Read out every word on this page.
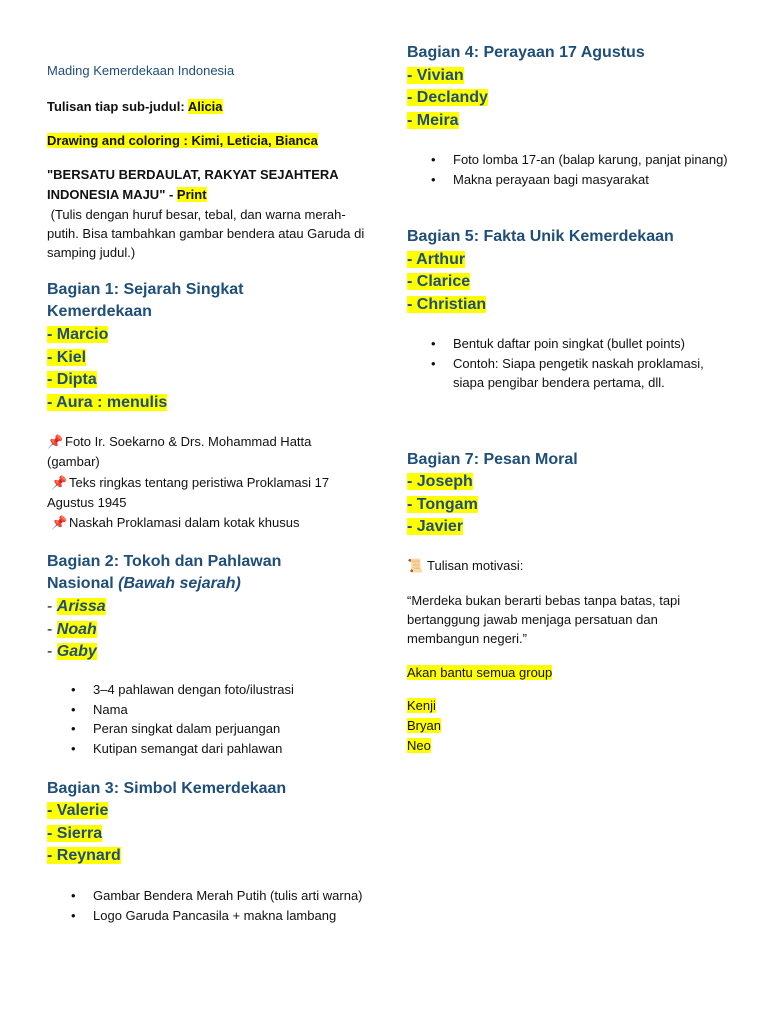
Mading Kemerdekaan Indonesia
Tulisan tiap sub-judul: Alicia
Drawing and coloring : Kimi, Leticia, Bianca
"BERSATU BERDAULAT, RAKYAT SEJAHTERA
INDONESIA MAJU" - Print
(Tulis dengan huruf besar, tebal, dan warna merah-putih. Bisa tambahkan gambar bendera atau Garuda di samping judul.)
Bagian 1: Sejarah Singkat
Kemerdekaan
- Marcio
- Kiel
- Dipta
- Aura : menulis
📌 Foto Ir. Soekarno & Drs. Mohammad Hatta (gambar)
📌 Teks ringkas tentang peristiwa Proklamasi 17 Agustus 1945
📌 Naskah Proklamasi dalam kotak khusus
Bagian 2: Tokoh dan Pahlawan
Nasional (Bawah sejarah)
- Arissa
- Noah
- Gaby
• 3–4 pahlawan dengan foto/ilustrasi
• Nama
• Peran singkat dalam perjuangan
• Kutipan semangat dari pahlawan
Bagian 3: Simbol Kemerdekaan
- Valerie
- Sierra
- Reynard
• Gambar Bendera Merah Putih (tulis arti warna)
• Logo Garuda Pancasila + makna lambang
Bagian 4: Perayaan 17 Agustus
- Vivian
- Declandy
- Meira
• Foto lomba 17-an (balap karung, panjat pinang)
• Makna perayaan bagi masyarakat
Bagian 5: Fakta Unik Kemerdekaan
- Arthur
- Clarice
- Christian
• Bentuk daftar poin singkat (bullet points)
• Contoh: Siapa pengetik naskah proklamasi, siapa pengibar bendera pertama, dll.
Bagian 7: Pesan Moral
- Joseph
- Tongam
- Javier
📜 Tulisan motivasi:
“Merdeka bukan berarti bebas tanpa batas, tapi bertanggung jawab menjaga persatuan dan membangun negeri.”
Akan bantu semua group
Kenji
Bryan
Neo
